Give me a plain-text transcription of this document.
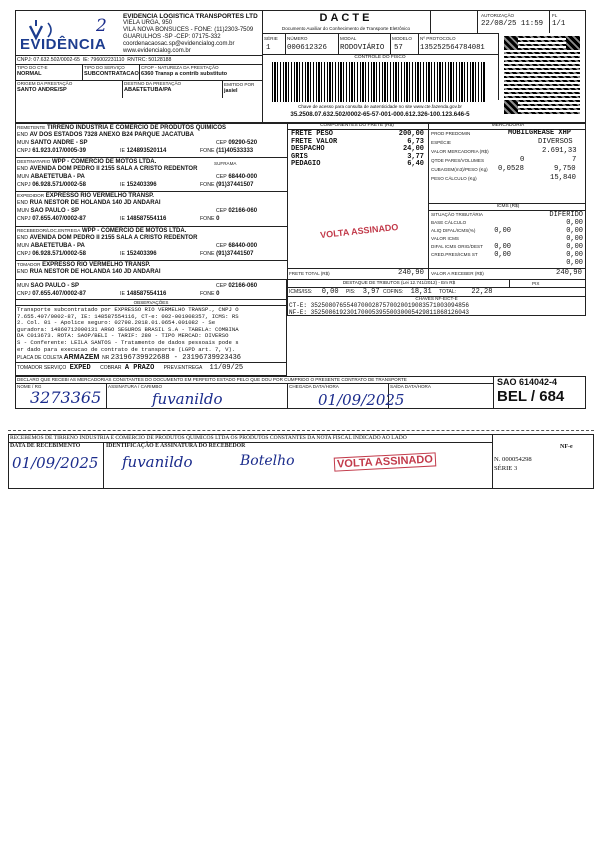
EVIDÊNCIA
2	EVIDENCIA LOGISTICA TRANSPORTES LTD
VIELA URGA, 950
VILA NOVA BONSUCES - FONE: (11)2303-7509
GUARULHOS -SP -CEP: 07175-332
coordenacaosac.sp@evidencialog.com.br
www.evidencialog.com.br
CNPJ: 07.632.502/0002-65 IE: 796002231110 RNTRC: 50128188
TIPO DO CT-E
NORMAL
TIPO DO SERVIÇO
SUBCONTRATACAO
CFOP - NATUREZA DA PRESTAÇÃO
6360 Transp a contrib substituto
ORIGEM DA PRESTAÇÃO
SANTO ANDRE/SP
DESTINO DA PRESTAÇÃO
ABAETETUBA/PA
EMITIDO POR
jasiel
DACTE
Documento Auxiliar do Conhecimento de Transporte Eletrônico
AUTORIZAÇÃO
22/08/25 11:59
FL
1/1
SÉRIE
1
NÚMERO
000612326
MODAL
RODOVIÁRIO
MODELO
57
Nº PROTOCOLO
135252564784081
CONTROLE DO FISCO
Chave de acesso para consulta de autenticidade no site www.cte.fazenda.gov.br
35.2508.07.632.502/0002-65-57-001-000.612.326-100.123.646-5
REMETENTE TIRRENO INDUSTRIA E COMERCIO DE PRODUTOS QUIMICOS
END AV DOS ESTADOS 7328 ANEXO B24 PARQUE JACATUBA
MUN SANTO ANDRE - SP	CEP 09290-520
CNPJ 61.923.017/0005-39	IE 124893520114	FONE (11)40533333
DESTINATARIO WPP - COMERCIO DE MOTOS LTDA.	SUFRAMA
END AVENIDA DOM PEDRO II 2155 SALA A CRISTO REDENTOR
MUN ABAETETUBA - PA	CEP 68440-000
CNPJ 06.928.571/0002-58	IE 152403396	FONE (91)37441507
EXPEDIDOR EXPRESSO RIO VERMELHO TRANSP.
END RUA NESTOR DE HOLANDA 140 JD ANDARAI
MUN SAO PAULO - SP	CEP 02166-060
CNPJ 07.655.407/0002-87	IE 148587554116	FONE 0
RECEBEDOR/LOC.ENTREGA WPP - COMERCIO DE MOTOS LTDA.
END AVENIDA DOM PEDRO II 2155 SALA A CRISTO REDENTOR
MUN ABAETETUBA - PA	CEP 68440-000
CNPJ 06.928.571/0002-58	IE 152403396	FONE (91)37441507
TOMADOR EXPRESSO RIO VERMELHO TRANSP.
END RUA NESTOR DE HOLANDA 140 JD ANDARAI
MUN SAO PAULO - SP	CEP 02166-060
CNPJ 07.655.407/0002-87	IE 148587554116	FONE 0
COMPONENTES DO FRETE (R$)	MERCADORIA
FRETE PESO	200,00
FRETE VALOR	6,73
DESPACHO	24,00
GRIS	3,77
PEDAGIO	6,40
VOLTA ASSINADO
FRETE TOTAL (R$)	240,90
PROD PREDOMIN	MOBILGREASE XHP
ESPÉCIE	DIVERSOS
VALOR MERCADORIA (R$)	2.691,33
QTDE PARES/VOLUMES	0	7
CUBAGEM(m3)/PESO (Kg) 0,0528	9,750
PESO CÁLCULO (Kg)	15,840
ICMS (R$)
SITUAÇÃO TRIBUTÁRIA	DIFERIDO
BASE CÁLCULO	0,00
ALIQ DIFAL/ICMS(%)	0,00	0,00
VALOR ICMS	0,00
DIFAL ICMS ORIG/DEST 0,00	0,00
CRED.PRES/ICMS ST 0,00	0,00
0,00
VALOR A RECEBER (R$)	240,90
DESTAQUE DE TRIBUTOS (Lei 12.741/2012) - Em R$	PIX
ICMS/ISS: 0,00 PIS: 3,97 COFINS: 18,31 TOTAL: 22,28
CHAVES NF-E/CT-E
CT-E: 35250807655407000287570020019083571003094856
NF-E: 35250861923017000539550030005429811868126043
OBSERVAÇÕES
Transporte subcontratado por EXPRESSO RIO VERMELHO TRANSP., CNPJ O
7.655.407/0002-87, IE: 148587554116, CT-e: 002-001908357, ICMS: RS
2. Col. 01 - Apolice seguro: 02798.2018.01.0654.001082 - Se
guradora: 14860712000131 ARGO SEGUROS BRASIL S.A - TABELA: COMBINA
DA C013673. ROTA: SAOP/BELI - TARIF: 280 - TIPO MERCAD: DIVERSO
S - Conferente: LEILA SANTOS - Tratamento de dados pessoais pode s
er dado para execucao de contrato de transporte (LGPD art. 7, V).
PLACA DE COLETA ARMAZEM NR 23196739922688 - 23196739923436
TOMADOR SERVIÇO EXPED COBRAR A PRAZO PREV.ENTREGA 11/09/25
DECLARO QUE RECEBI AS MERCADORIAS CONSTANTES DO DOCUMENTO EM PERFEITO ESTADO PELO QUE DOU POR CUMPRIDO O PRESENTE CONTRATO DE TRANSPORTE
NOME / RG	ASSINATURA / CARIMBO	CHEGADA DATA/HORA	SAÍDA DATA/HORA
3273365	fuvanildo	01/09/2025
SAO 614042-4
BEL / 684
RECEBEMOS DE TIRRENO INDUSTRIA E COMERCIO DE PRODUTOS QUIMICOS LTDA OS PRODUTOS CONSTANTES DA NOTA FISCAL INDICADO AO LADO
DATA DE RECEBIMENTO	IDENTIFICAÇÃO E ASSINATURA DO RECEBEDOR
01/09/2025 fuvanildo	Botelho	VOLTA ASSINADO
NF-e
N. 000054298
SÉRIE 3
